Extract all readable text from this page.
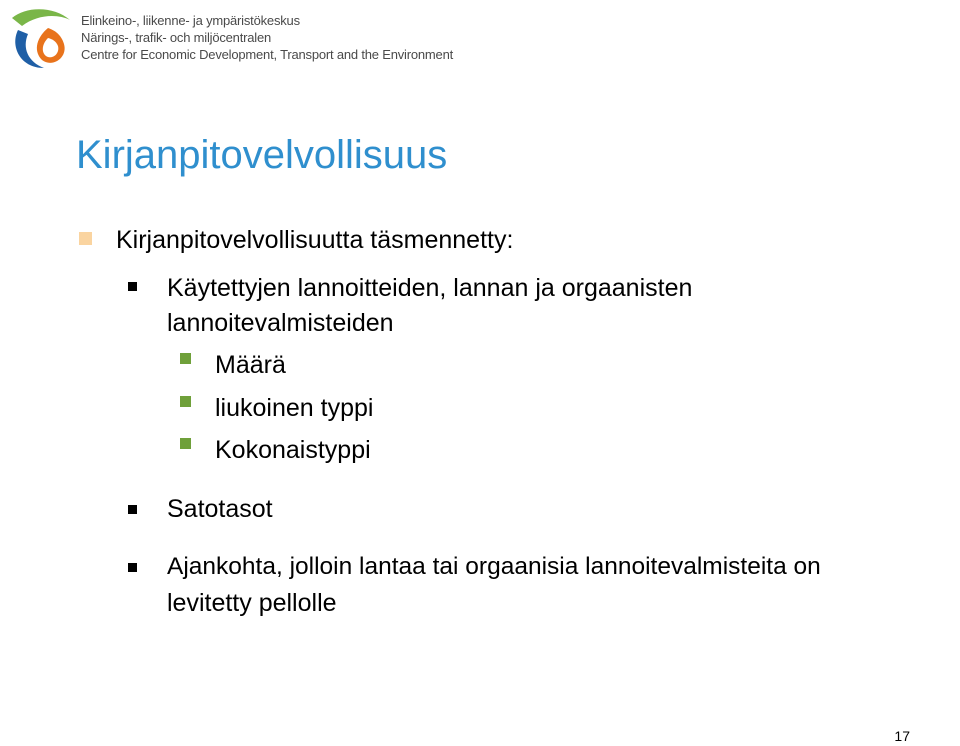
Elinkeino-, liikenne- ja ympäristökeskus
Närings-, trafik- och miljöcentralen
Centre for Economic Development, Transport and the Environment
Kirjanpitovelvollisuus
Kirjanpitovelvollisuutta täsmennetty:
Käytettyjen lannoitteiden, lannan ja orgaanisten
lannoitevalmisteiden
Määrä
liukoinen typpi
Kokonaistyppi
Satotasot
Ajankohta, jolloin lantaa tai orgaanisia lannoitevalmisteita on
levitetty pellolle
17
